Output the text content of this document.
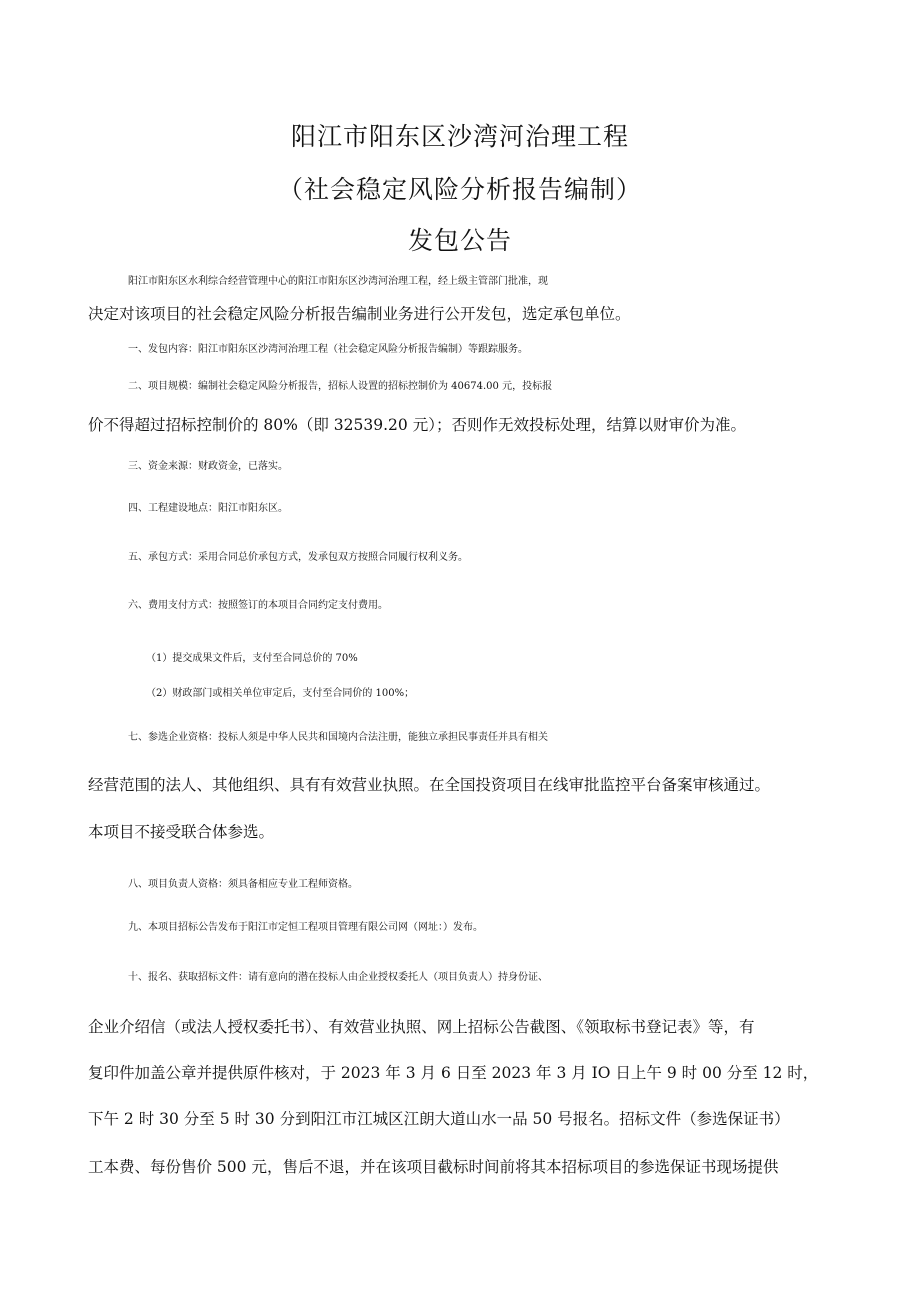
阳江市阳东区沙湾河治理工程
（社会稳定风险分析报告编制）
发包公告
阳江市阳东区水利综合经营管理中心的阳江市阳东区沙湾河治理工程，经上级主管部门批准，现
决定对该项目的社会稳定风险分析报告编制业务进行公开发包，选定承包单位。
一、发包内容：阳江市阳东区沙湾河治理工程（社会稳定风险分析报告编制）等跟踪服务。
二、项目规模：编制社会稳定风险分析报告，招标人设置的招标控制价为 40674.00 元，投标报
价不得超过招标控制价的 80%（即 32539.20 元）；否则作无效投标处理，结算以财审价为准。
三、资金来源：财政资金，已落实。
四、工程建设地点：阳江市阳东区。
五、承包方式：采用合同总价承包方式，发承包双方按照合同履行权利义务。
六、费用支付方式：按照签订的本项目合同约定支付费用。
（1）提交成果文件后，支付至合同总价的 70%
（2）财政部门或相关单位审定后，支付至合同价的 100%；
七、参选企业资格：投标人须是中华人民共和国境内合法注册，能独立承担民事责任并具有相关
经营范围的法人、其他组织、具有有效营业执照。在全国投资项目在线审批监控平台备案审核通过。
本项目不接受联合体参选。
八、项目负责人资格：须具备相应专业工程师资格。
九、本项目招标公告发布于阳江市定恒工程项目管理有限公司网（网址：）发布。
十、报名、获取招标文件：请有意向的潜在投标人由企业授权委托人（项目负责人）持身份证、
企业介绍信（或法人授权委托书）、有效营业执照、网上招标公告截图、《领取标书登记表》等，有
复印件加盖公章并提供原件核对，于 2023 年 3 月 6 日至 2023 年 3 月 IO 日上午 9 时 00 分至 12 时，
下午 2 时 30 分至 5 时 30 分到阳江市江城区江朗大道山水一品 50 号报名。招标文件（参选保证书）
工本费、每份售价 500 元，售后不退，并在该项目截标时间前将其本招标项目的参选保证书现场提供
